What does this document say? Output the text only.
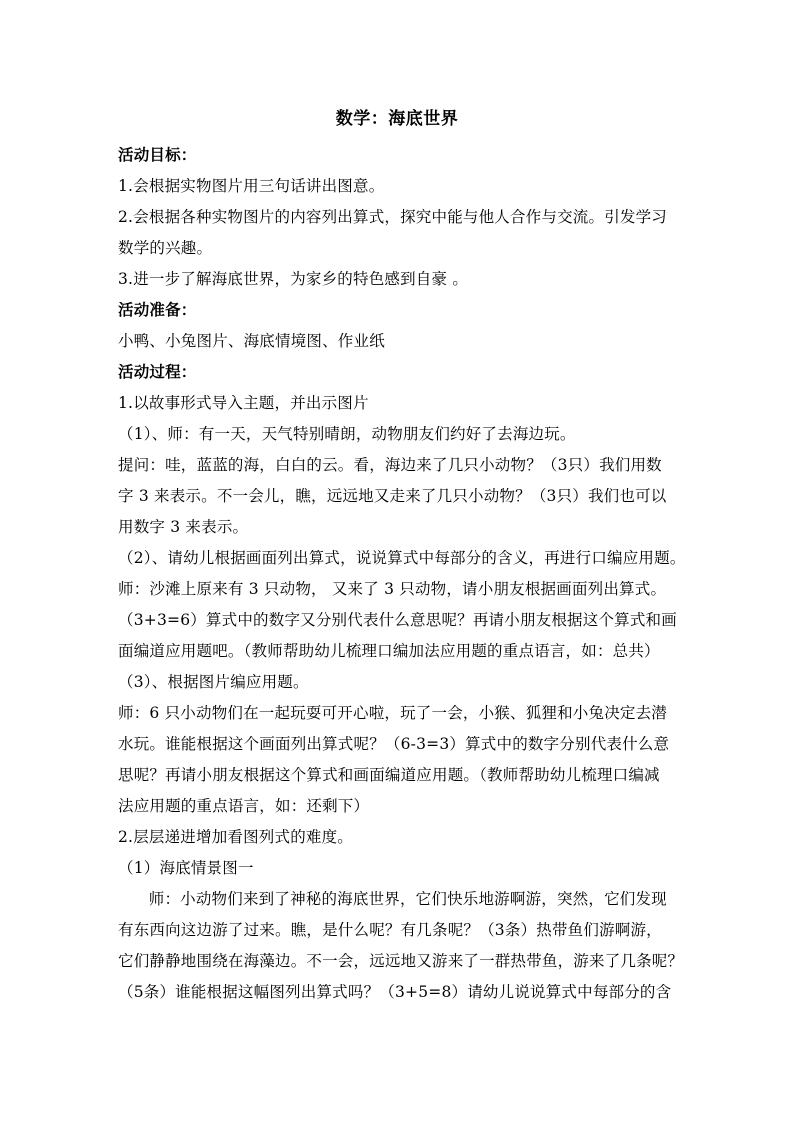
数学：海底世界
活动目标：
1.会根据实物图片用三句话讲出图意。
2.会根据各种实物图片的内容列出算式，探究中能与他人合作与交流。引发学习
数学的兴趣。
3.进一步了解海底世界，为家乡的特色感到自豪 。
活动准备：
小鸭、小兔图片、海底情境图、作业纸
活动过程：
1.以故事形式导入主题，并出示图片
（1）、师：有一天，天气特别晴朗，动物朋友们约好了去海边玩。
提问：哇，蓝蓝的海，白白的云。看，海边来了几只小动物？（3只）我们用数
字 3 来表示。不一会儿，瞧，远远地又走来了几只小动物？（3只）我们也可以
用数字 3 来表示。
（2）、请幼儿根据画面列出算式，说说算式中每部分的含义，再进行口编应用题。
师：沙滩上原来有 3 只动物， 又来了 3 只动物，请小朋友根据画面列出算式。
（3+3=6）算式中的数字又分别代表什么意思呢？再请小朋友根据这个算式和画
面编道应用题吧。（教师帮助幼儿梳理口编加法应用题的重点语言，如：总共）
（3）、根据图片编应用题。
师：6 只小动物们在一起玩耍可开心啦，玩了一会，小猴、狐狸和小兔决定去潜
水玩。谁能根据这个画面列出算式呢？（6-3=3）算式中的数字分别代表什么意
思呢？再请小朋友根据这个算式和画面编道应用题。（教师帮助幼儿梳理口编减
法应用题的重点语言，如：还剩下）
2.层层递进增加看图列式的难度。
（1）海底情景图一
师：小动物们来到了神秘的海底世界，它们快乐地游啊游，突然，它们发现
有东西向这边游了过来。瞧，是什么呢？有几条呢？（3条）热带鱼们游啊游，
它们静静地围绕在海藻边。不一会，远远地又游来了一群热带鱼，游来了几条呢？
（5条）谁能根据这幅图列出算式吗？（3+5=8）请幼儿说说算式中每部分的含
